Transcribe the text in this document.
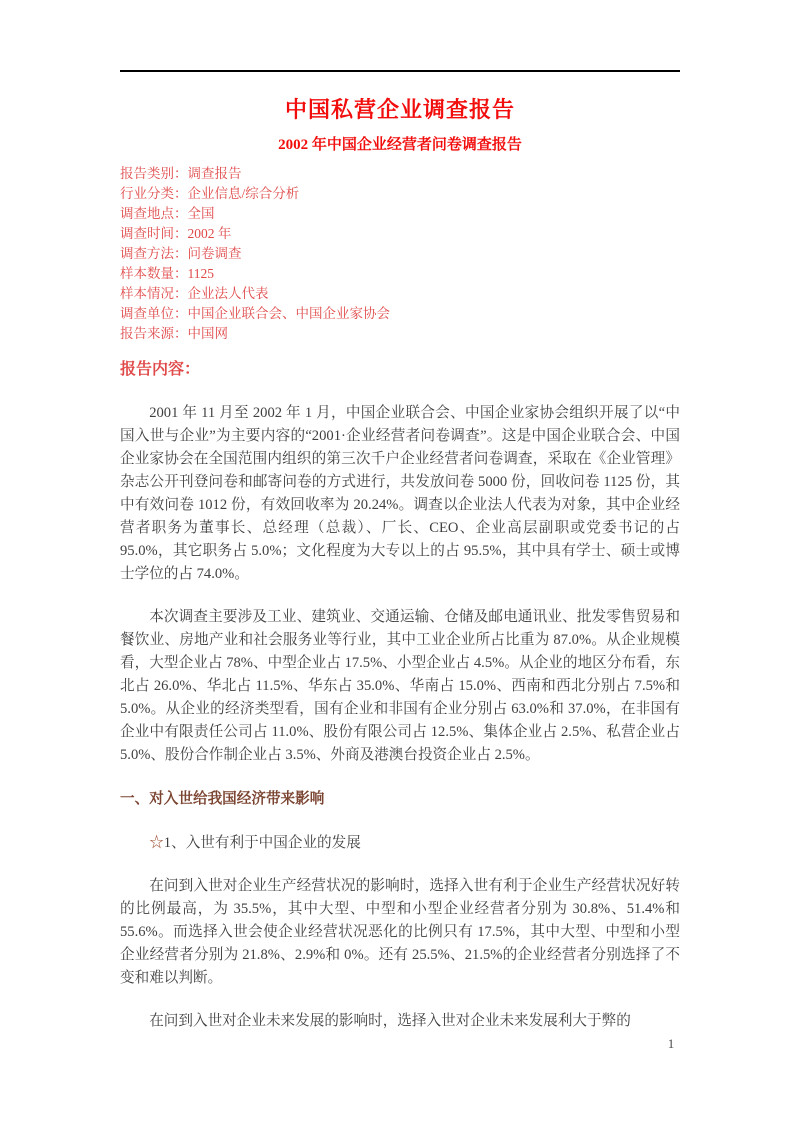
中国私营企业调查报告
2002 年中国企业经营者问卷调查报告
报告类别：调查报告
行业分类：企业信息/综合分析
调查地点：全国
调查时间：2002 年
调查方法：问卷调查
样本数量：1125
样本情况：企业法人代表
调查单位：中国企业联合会、中国企业家协会
报告来源：中国网
报告内容：

2001 年 11 月至 2002 年 1 月，中国企业联合会、中国企业家协会组织开展了以“中国入世与企业”为主要内容的“2001·企业经营者问卷调查”。这是中国企业联合会、中国企业家协会在全国范围内组织的第三次千户企业经营者问卷调查，采取在《企业管理》杂志公开刊登问卷和邮寄问卷的方式进行，共发放问卷 5000 份，回收问卷 1125 份，其中有效问卷 1012 份，有效回收率为 20.24%。调查以企业法人代表为对象，其中企业经营者职务为董事长、总经理（总裁）、厂长、CEO、企业高层副职或党委书记的占 95.0%，其它职务占 5.0%；文化程度为大专以上的占 95.5%，其中具有学士、硕士或博士学位的占 74.0%。

本次调查主要涉及工业、建筑业、交通运输、仓储及邮电通讯业、批发零售贸易和餐饮业、房地产业和社会服务业等行业，其中工业企业所占比重为 87.0%。从企业规模看，大型企业占 78%、中型企业占 17.5%、小型企业占 4.5%。从企业的地区分布看，东北占 26.0%、华北占 11.5%、华东占 35.0%、华南占 15.0%、西南和西北分别占 7.5%和 5.0%。从企业的经济类型看，国有企业和非国有企业分别占 63.0%和 37.0%，在非国有企业中有限责任公司占 11.0%、股份有限公司占 12.5%、集体企业占 2.5%、私营企业占 5.0%、股份合作制企业占 3.5%、外商及港澳台投资企业占 2.5%。

一、对入世给我国经济带来影响

☆1、入世有利于中国企业的发展

在问到入世对企业生产经营状况的影响时，选择入世有利于企业生产经营状况好转的比例最高，为 35.5%，其中大型、中型和小型企业经营者分别为 30.8%、51.4%和 55.6%。而选择入世会使企业经营状况恶化的比例只有 17.5%，其中大型、中型和小型企业经营者分别为 21.8%、2.9%和 0%。还有 25.5%、21.5%的企业经营者分别选择了不变和难以判断。

在问到入世对企业未来发展的影响时，选择入世对企业未来发展利大于弊的

1
